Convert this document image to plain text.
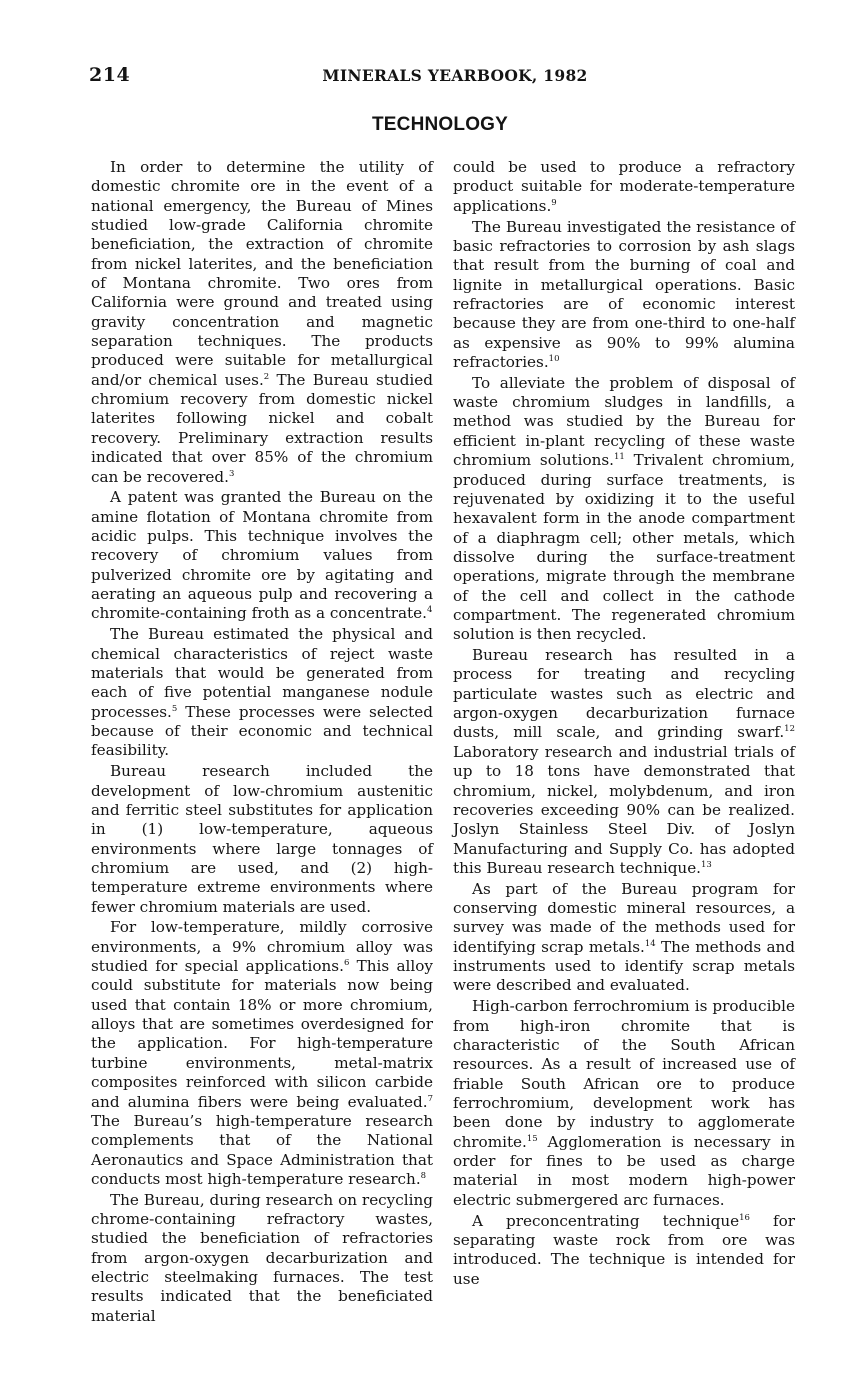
214	MINERALS YEARBOOK, 1982
TECHNOLOGY

In order to determine the utility of domestic chromite ore in the event of a national emergency, the Bureau of Mines studied low-grade California chromite beneficiation, the extraction of chromite from nickel laterites, and the beneficiation of Montana chromite. Two ores from California were ground and treated using gravity concentration and magnetic separation techniques. The products produced were suitable for metallurgical and/or chemical uses.$^2$ The Bureau studied chromium recovery from domestic nickel laterites following nickel and cobalt recovery. Preliminary extraction results indicated that over 85% of the chromium can be recovered.$^3$

A patent was granted the Bureau on the amine flotation of Montana chromite from acidic pulps. This technique involves the recovery of chromium values from pulverized chromite ore by agitating and aerating an aqueous pulp and recovering a chromite-containing froth as a concentrate.$^4$

The Bureau estimated the physical and chemical characteristics of reject waste materials that would be generated from each of five potential manganese nodule processes.$^5$ These processes were selected because of their economic and technical feasibility.

Bureau research included the development of low-chromium austenitic and ferritic steel substitutes for application in (1) low-temperature, aqueous environments where large tonnages of chromium are used, and (2) high-temperature extreme environments where fewer chromium materials are used.

For low-temperature, mildly corrosive environments, a 9% chromium alloy was studied for special applications.$^6$ This alloy could substitute for materials now being used that contain 18% or more chromium, alloys that are sometimes overdesigned for the application. For high-temperature turbine environments, metal-matrix composites reinforced with silicon carbide and alumina fibers were being evaluated.$^7$ The Bureau’s high-temperature research complements that of the National Aeronautics and Space Administration that conducts most high-temperature research.$^8$

The Bureau, during research on recycling chrome-containing refractory wastes, studied the beneficiation of refractories from argon-oxygen decarburization and electric steelmaking furnaces. The test results indicated that the beneficiated material

could be used to produce a refractory product suitable for moderate-temperature applications.$^9$

The Bureau investigated the resistance of basic refractories to corrosion by ash slags that result from the burning of coal and lignite in metallurgical operations. Basic refractories are of economic interest because they are from one-third to one-half as expensive as 90% to 99% alumina refractories.$^{10}$

To alleviate the problem of disposal of waste chromium sludges in landfills, a method was studied by the Bureau for efficient in-plant recycling of these waste chromium solutions.$^{11}$ Trivalent chromium, produced during surface treatments, is rejuvenated by oxidizing it to the useful hexavalent form in the anode compartment of a diaphragm cell; other metals, which dissolve during the surface-treatment operations, migrate through the membrane of the cell and collect in the cathode compartment. The regenerated chromium solution is then recycled.

Bureau research has resulted in a process for treating and recycling particulate wastes such as electric and argon-oxygen decarburization furnace dusts, mill scale, and grinding swarf.$^{12}$ Laboratory research and industrial trials of up to 18 tons have demonstrated that chromium, nickel, molybdenum, and iron recoveries exceeding 90% can be realized. Joslyn Stainless Steel Div. of Joslyn Manufacturing and Supply Co. has adopted this Bureau research technique.$^{13}$

As part of the Bureau program for conserving domestic mineral resources, a survey was made of the methods used for identifying scrap metals.$^{14}$ The methods and instruments used to identify scrap metals were described and evaluated.

High-carbon ferrochromium is producible from high-iron chromite that is characteristic of the South African resources. As a result of increased use of friable South African ore to produce ferrochromium, development work has been done by industry to agglomerate chromite.$^{15}$ Agglomeration is necessary in order for fines to be used as charge material in most modern high-power electric submergered arc furnaces.

A preconcentrating technique$^{16}$ for separating waste rock from ore was introduced. The technique is intended for use
